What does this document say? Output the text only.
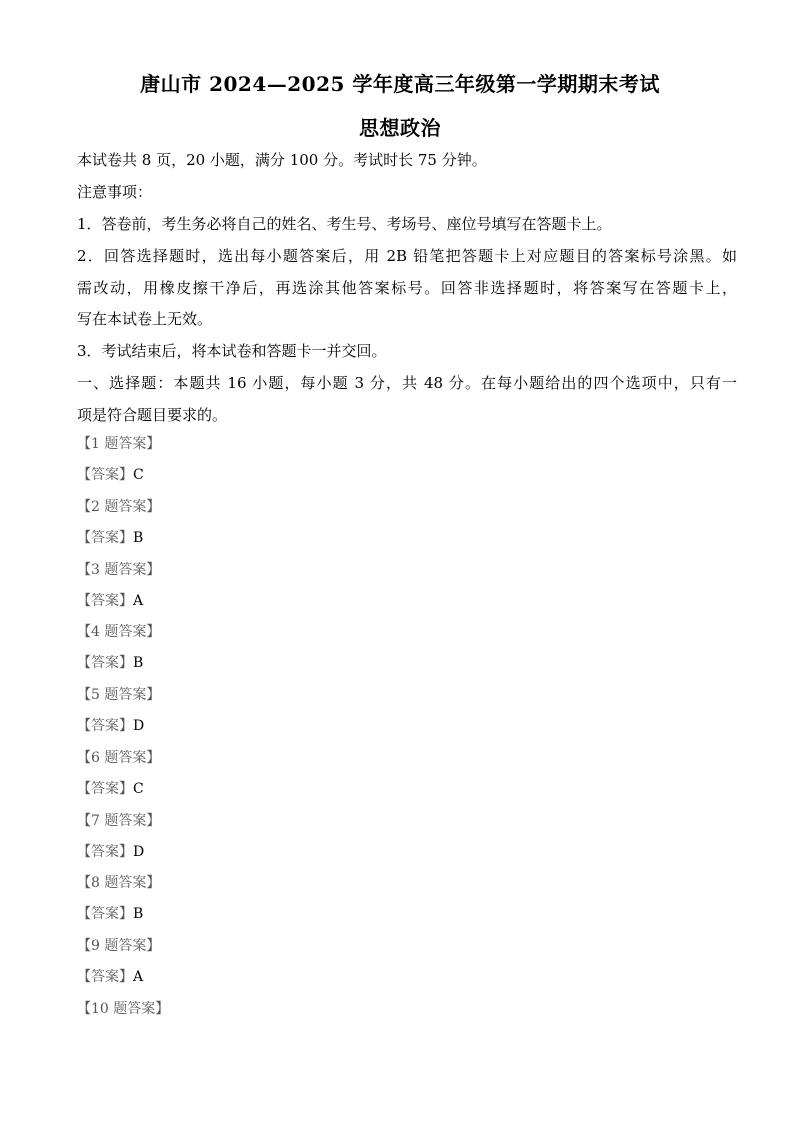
唐山市 2024—2025 学年度高三年级第一学期期末考试
思想政治
本试卷共 8 页，20 小题，满分 100 分。考试时长 75 分钟。
注意事项：
1．答卷前，考生务必将自己的姓名、考生号、考场号、座位号填写在答题卡上。
2．回答选择题时，选出每小题答案后，用 2B 铅笔把答题卡上对应题目的答案标号涂黑。如
需改动，用橡皮擦干净后，再选涂其他答案标号。回答非选择题时，将答案写在答题卡上，
写在本试卷上无效。
3．考试结束后，将本试卷和答题卡一并交回。
一、选择题：本题共 16 小题，每小题 3 分，共 48 分。在每小题给出的四个选项中，只有一
项是符合题目要求的。
【1 题答案】
【答案】C
【2 题答案】
【答案】B
【3 题答案】
【答案】A
【4 题答案】
【答案】B
【5 题答案】
【答案】D
【6 题答案】
【答案】C
【7 题答案】
【答案】D
【8 题答案】
【答案】B
【9 题答案】
【答案】A
【10 题答案】
